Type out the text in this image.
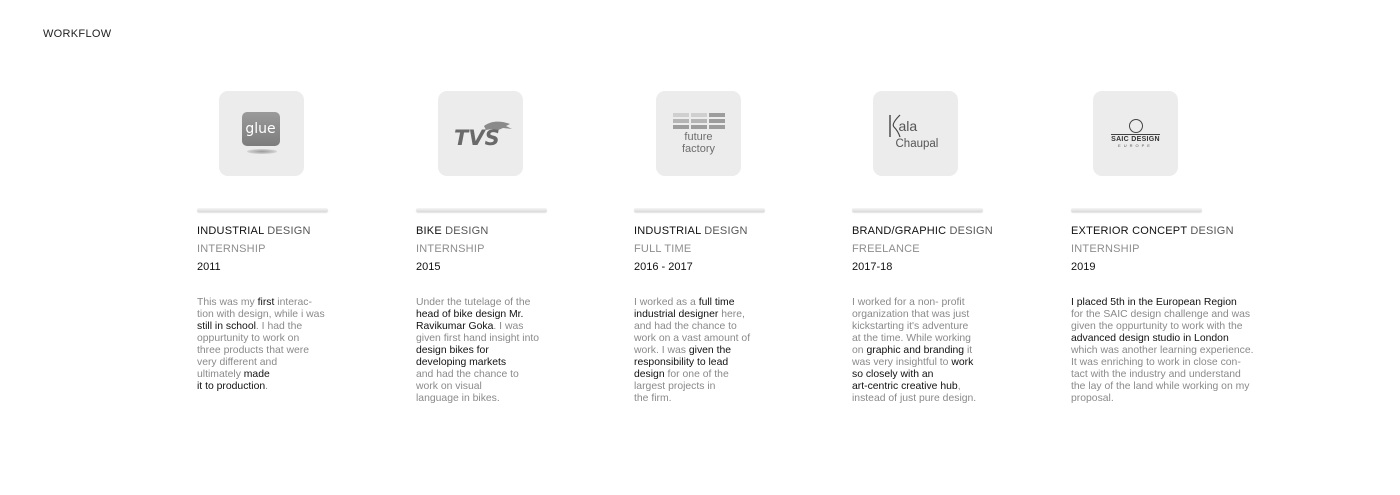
WORKFLOW
glue

INDUSTRIAL DESIGN

INTERNSHIP
2011
This was my first interac-
tion with design, while i was
still in school. I had the
oppurtunity to work on
three products that were
very different and
ultimately made
it to production.
TVS

BIKE DESIGN

INTERNSHIP
2015
Under the tutelage of the
head of bike design Mr.
Ravikumar Goka. I was
given first hand insight into
design bikes for
developing markets
and had the chance to
work on visual
language in bikes.
future
factory

INDUSTRIAL DESIGN

FULL TIME
2016 - 2017
I worked as a full time
industrial designer here,
and had the chance to
work on a vast amount of
work. I was given the
responsibility to lead
design for one of the
largest projects in
the firm.
ala
Chaupal

BRAND/GRAPHIC DESIGN

FREELANCE
2017-18
I worked for a non- profit
organization that was just
kickstarting it's adventure
at the time. While working
on graphic and branding it
was very insightful to work
so closely with an
art-centric creative hub,
instead of just pure design.
SAIC DESIGN
EUROPE

EXTERIOR CONCEPT DESIGN

INTERNSHIP
2019
I placed 5th in the European Region
for the SAIC design challenge and was
given the oppurtunity to work with the
advanced design studio in London
which was another learning experience.
It was enriching to work in close con-
tact with the industry and understand
the lay of the land while working on my
proposal.
